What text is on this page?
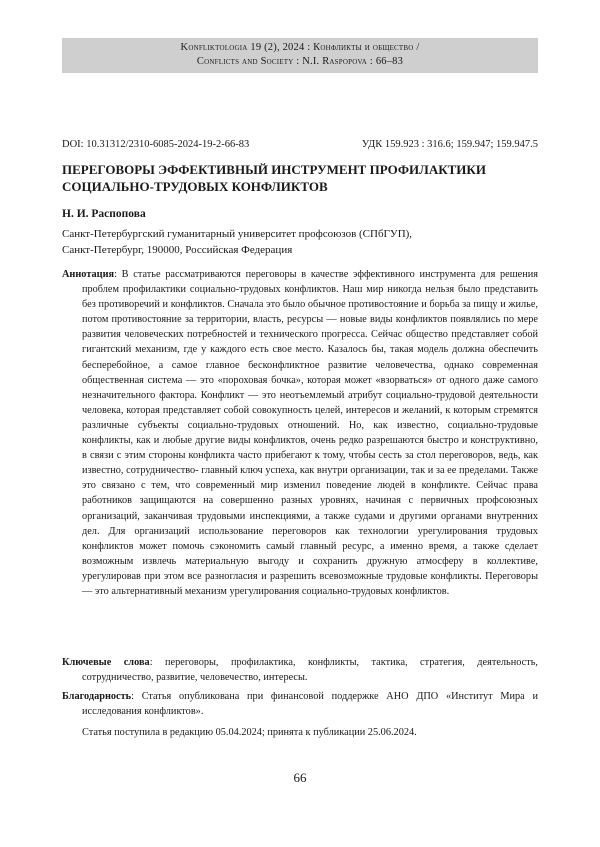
Konfliktologia 19 (2), 2024 : Конфликты и общество /
Conflicts and Society : N.I. Raspopova : 66–83
DOI: 10.31312/2310-6085-2024-19-2-66-83	УДК 159.923 : 316.6; 159.947; 159.947.5
ПЕРЕГОВОРЫ ЭФФЕКТИВНЫЙ ИНСТРУМЕНТ ПРОФИЛАКТИКИ СОЦИАЛЬНО-ТРУДОВЫХ КОНФЛИКТОВ
Н. И. Распопова
Санкт-Петербургский гуманитарный университет профсоюзов (СПбГУП),
Санкт-Петербург, 190000, Российская Федерация

Аннотация: В статье рассматриваются переговоры в качестве эффективного инструмента для решения проблем профилактики социально-трудовых конфликтов. Наш мир никогда нельзя было представить без противоречий и конфликтов. Сначала это было обычное противостояние и борьба за пищу и жилье, потом противостояние за территории, власть, ресурсы — новые виды конфликтов появлялись по мере развития человеческих потребностей и технического прогресса. Сейчас общество представляет собой гигантский механизм, где у каждого есть свое место. Казалось бы, такая модель должна обеспечить бесперебойное, а самое главное бесконфликтное развитие человечества, однако современная общественная система — это «пороховая бочка», которая может «взорваться» от одного даже самого незначительного фактора. Конфликт — это неотъемлемый атрибут социально-трудовой деятельности человека, которая представляет собой совокупность целей, интересов и желаний, к которым стремятся различные субъекты социально-трудовых отношений. Но, как известно, социально-трудовые конфликты, как и любые другие виды конфликтов, очень редко разрешаются быстро и конструктивно, в связи с этим стороны конфликта часто прибегают к тому, чтобы сесть за стол переговоров, ведь, как известно, сотрудничество- главный ключ успеха, как внутри организации, так и за ее пределами. Также это связано с тем, что современный мир изменил поведение людей в конфликте. Сейчас права работников защищаются на совершенно разных уровнях, начиная с первичных профсоюзных организаций, заканчивая трудовыми инспекциями, а также судами и другими органами внутренних дел. Для организаций использование переговоров как технологии урегулирования трудовых конфликтов может помочь сэкономить самый главный ресурс, а именно время, а также сделает возможным извлечь материальную выгоду и сохранить дружную атмосферу в коллективе, урегулировав при этом все разногласия и разрешить всевозможные трудовые конфликты. Переговоры — это альтернативный механизм урегулирования социально-трудовых конфликтов.

Ключевые слова: переговоры, профилактика, конфликты, тактика, стратегия, деятельность, сотрудничество, развитие, человечество, интересы.

Благодарность: Статья опубликована при финансовой поддержке АНО ДПО «Институт Мира и исследования конфликтов».

Статья поступила в редакцию 05.04.2024; принята к публикации 25.06.2024.
66
